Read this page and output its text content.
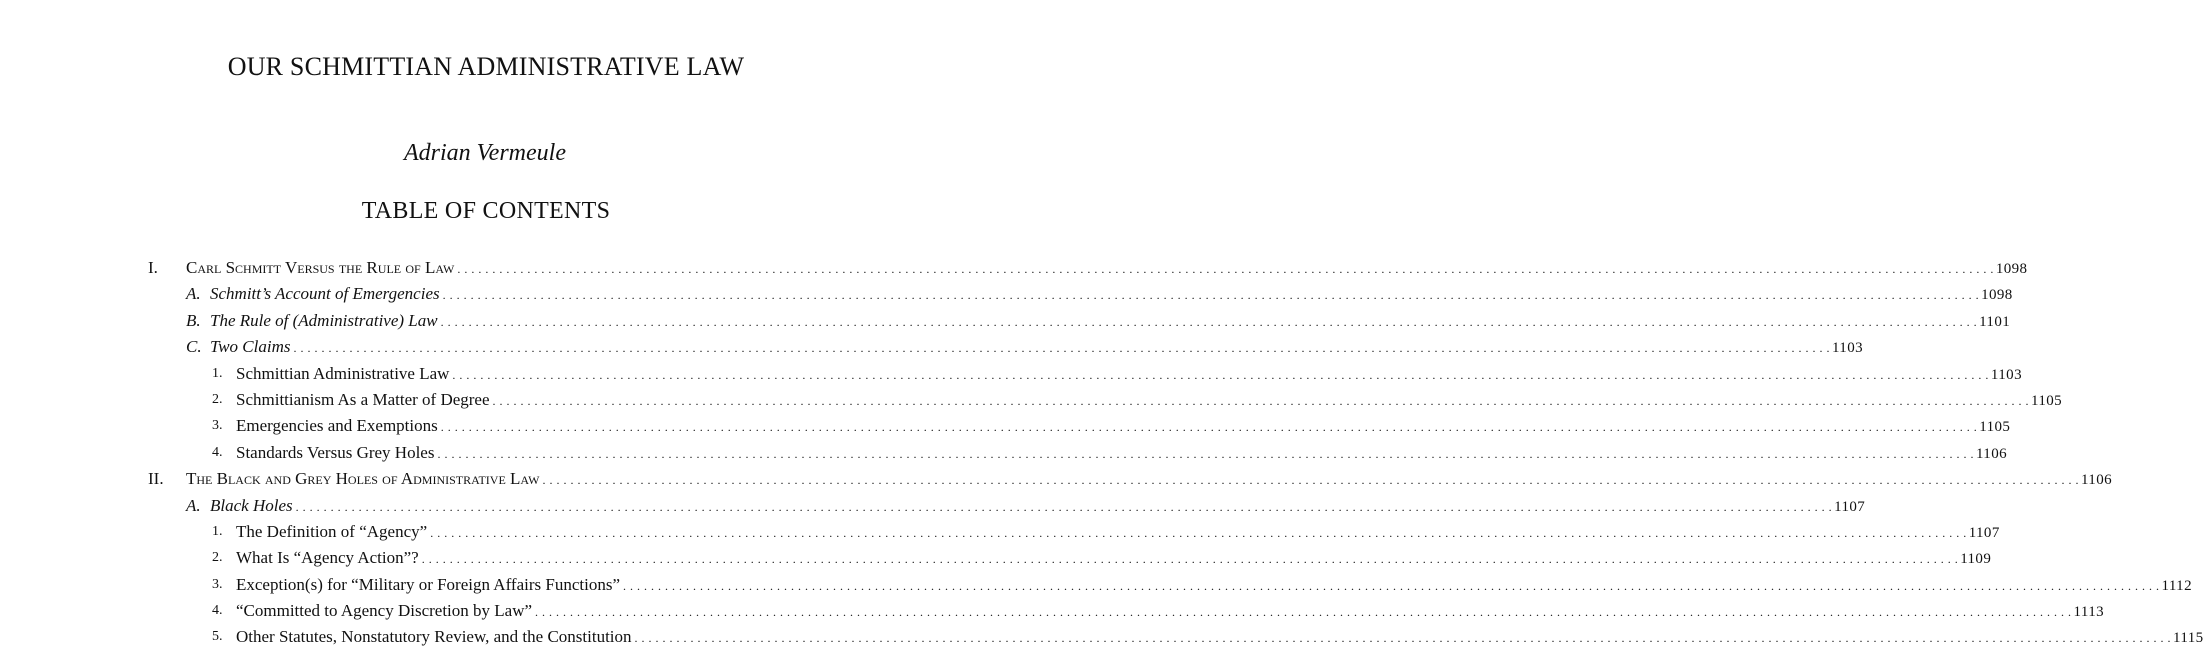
OUR SCHMITTIAN ADMINISTRATIVE LAW
Adrian Vermeule
TABLE OF CONTENTS
I. Carl Schmitt Versus the Rule of Law . . . . . . . . . . . . . . . . . . . . . . . . . . . . . . . . . . . . . . . . . . . . . . . . . . . . . . . . . . . . . . . . . . . . . . . . . . . . . . . . . . . . . . . . . . . . . . . . . . . . . . . . . . . . . . . . . . . . . . . . . . . . . . . . . . . . . . . . . . . . . . . . . . . . . . . . . . . . . . . . . . . . . . . . . . . . . . . . . . . . . . . . . . . . . . . . . . . . . . . . . . . . . . . . . . . . . . . . . . . . 1098
A. Schmitt’s Account of Emergencies . . . . . . . . . . . . . . . . . . . . . . . . . . . . . . . . . . . . . . . . . . . . . . . . . . . . . . . . . . . . . . . . . . . . . . . . . . . . . . . . . . . . . . . . . . . . . . . . . . . . . . . . . . . . . . . . . . . . . . . . . . . . . . . . . . . . . . . . . . . . . . . . . . . . . . . . . . . . . . . . . . . . . . . . . . . . . . . . . . . . . . . . . . . . . . . . . . . . . . . . . . . . . . . . . . . . . . . . . . . . 1098
B. The Rule of (Administrative) Law . . . . . . . . . . . . . . . . . . . . . . . . . . . . . . . . . . . . . . . . . . . . . . . . . . . . . . . . . . . . . . . . . . . . . . . . . . . . . . . . . . . . . . . . . . . . . . . . . . . . . . . . . . . . . . . . . . . . . . . . . . . . . . . . . . . . . . . . . . . . . . . . . . . . . . . . . . . . . . . . . . . . . . . . . . . . . . . . . . . . . . . . . . . . . . . . . . . . . . . . . . . . . . . . . . . . . . . . . . . . 1101
C. Two Claims . . . . . . . . . . . . . . . . . . . . . . . . . . . . . . . . . . . . . . . . . . . . . . . . . . . . . . . . . . . . . . . . . . . . . . . . . . . . . . . . . . . . . . . . . . . . . . . . . . . . . . . . . . . . . . . . . . . . . . . . . . . . . . . . . . . . . . . . . . . . . . . . . . . . . . . . . . . . . . . . . . . . . . . . . . . . . . . . . . . . . . . . . . . . . . . . . . . . . . . . . . . . . . . . . . . . . . . . . . . . 1103
1. Schmittian Administrative Law . . . . . . . . . . . . . . . . . . . . . . . . . . . . . . . . . . . . . . . . . . . . . . . . . . . . . . . . . . . . . . . . . . . . . . . . . . . . . . . . . . . . . . . . . . . . . . . . . . . . . . . . . . . . . . . . . . . . . . . . . . . . . . . . . . . . . . . . . . . . . . . . . . . . . . . . . . . . . . . . . . . . . . . . . . . . . . . . . . . . . . . . . . . . . . . . . . . . . . . . . . . . . . . . . . . . . . . . . . . . 1103
2. Schmittianism As a Matter of Degree . . . . . . . . . . . . . . . . . . . . . . . . . . . . . . . . . . . . . . . . . . . . . . . . . . . . . . . . . . . . . . . . . . . . . . . . . . . . . . . . . . . . . . . . . . . . . . . . . . . . . . . . . . . . . . . . . . . . . . . . . . . . . . . . . . . . . . . . . . . . . . . . . . . . . . . . . . . . . . . . . . . . . . . . . . . . . . . . . . . . . . . . . . . . . . . . . . . . . . . . . . . . . . . . . . . . . . . . . . . . 1105
3. Emergencies and Exemptions . . . . . . . . . . . . . . . . . . . . . . . . . . . . . . . . . . . . . . . . . . . . . . . . . . . . . . . . . . . . . . . . . . . . . . . . . . . . . . . . . . . . . . . . . . . . . . . . . . . . . . . . . . . . . . . . . . . . . . . . . . . . . . . . . . . . . . . . . . . . . . . . . . . . . . . . . . . . . . . . . . . . . . . . . . . . . . . . . . . . . . . . . . . . . . . . . . . . . . . . . . . . . . . . . . . . . . . . . . . . 1105
4. Standards Versus Grey Holes . . . . . . . . . . . . . . . . . . . . . . . . . . . . . . . . . . . . . . . . . . . . . . . . . . . . . . . . . . . . . . . . . . . . . . . . . . . . . . . . . . . . . . . . . . . . . . . . . . . . . . . . . . . . . . . . . . . . . . . . . . . . . . . . . . . . . . . . . . . . . . . . . . . . . . . . . . . . . . . . . . . . . . . . . . . . . . . . . . . . . . . . . . . . . . . . . . . . . . . . . . . . . . . . . . . . . . . . . . . . 1106
II. The Black and Grey Holes of Administrative Law . . . . . . . . . . . . . . . . . . . . . . . . . . . . . . . . . . . . . . . . . . . . . . . . . . . . . . . . . . . . . . . . . . . . . . . . . . . . . . . . . . . . . . . . . . . . . . . . . . . . . . . . . . . . . . . . . . . . . . . . . . . . . . . . . . . . . . . . . . . . . . . . . . . . . . . . . . . . . . . . . . . . . . . . . . . . . . . . . . . . . . . . . . . . . . . . . . . . . . . . . . . . . . . . . . . . . . . . . . . . 1106
A. Black Holes . . . . . . . . . . . . . . . . . . . . . . . . . . . . . . . . . . . . . . . . . . . . . . . . . . . . . . . . . . . . . . . . . . . . . . . . . . . . . . . . . . . . . . . . . . . . . . . . . . . . . . . . . . . . . . . . . . . . . . . . . . . . . . . . . . . . . . . . . . . . . . . . . . . . . . . . . . . . . . . . . . . . . . . . . . . . . . . . . . . . . . . . . . . . . . . . . . . . . . . . . . . . . . . . . . . . . . . . . . . . 1107
1. The Definition of “Agency” . . . . . . . . . . . . . . . . . . . . . . . . . . . . . . . . . . . . . . . . . . . . . . . . . . . . . . . . . . . . . . . . . . . . . . . . . . . . . . . . . . . . . . . . . . . . . . . . . . . . . . . . . . . . . . . . . . . . . . . . . . . . . . . . . . . . . . . . . . . . . . . . . . . . . . . . . . . . . . . . . . . . . . . . . . . . . . . . . . . . . . . . . . . . . . . . . . . . . . . . . . . . . . . . . . . . . . . . . . . . 1107
2. What Is “Agency Action”? . . . . . . . . . . . . . . . . . . . . . . . . . . . . . . . . . . . . . . . . . . . . . . . . . . . . . . . . . . . . . . . . . . . . . . . . . . . . . . . . . . . . . . . . . . . . . . . . . . . . . . . . . . . . . . . . . . . . . . . . . . . . . . . . . . . . . . . . . . . . . . . . . . . . . . . . . . . . . . . . . . . . . . . . . . . . . . . . . . . . . . . . . . . . . . . . . . . . . . . . . . . . . . . . . . . . . . . . . . . . 1109
3. Exception(s) for “Military or Foreign Affairs Functions” . . . . . . . . . . . . . . . . . . . . . . . . . . . . . . . . . . . . . . . . . . . . . . . . . . . . . . . . . . . . . . . . . . . . . . . . . . . . . . . . . . . . . . . . . . . . . . . . . . . . . . . . . . . . . . . . . . . . . . . . . . . . . . . . . . . . . . . . . . . . . . . . . . . . . . . . . . . . . . . . . . . . . . . . . . . . . . . . . . . . . . . . . . . . . . . . . . . . . . . . . . . . . . . . . . . . . . . . . . . . 1112
4. “Committed to Agency Discretion by Law” . . . . . . . . . . . . . . . . . . . . . . . . . . . . . . . . . . . . . . . . . . . . . . . . . . . . . . . . . . . . . . . . . . . . . . . . . . . . . . . . . . . . . . . . . . . . . . . . . . . . . . . . . . . . . . . . . . . . . . . . . . . . . . . . . . . . . . . . . . . . . . . . . . . . . . . . . . . . . . . . . . . . . . . . . . . . . . . . . . . . . . . . . . . . . . . . . . . . . . . . . . . . . . . . . . . . . . . . . . . . 1113
5. Other Statutes, Nonstatutory Review, and the Constitution . . . . . . . . . . . . . . . . . . . . . . . . . . . . . . . . . . . . . . . . . . . . . . . . . . . . . . . . . . . . . . . . . . . . . . . . . . . . . . . . . . . . . . . . . . . . . . . . . . . . . . . . . . . . . . . . . . . . . . . . . . . . . . . . . . . . . . . . . . . . . . . . . . . . . . . . . . . . . . . . . . . . . . . . . . . . . . . . . . . . . . . . . . . . . . . . . . . . . . . . . . . . . . . . . . . . . . . . . . . . 1115
